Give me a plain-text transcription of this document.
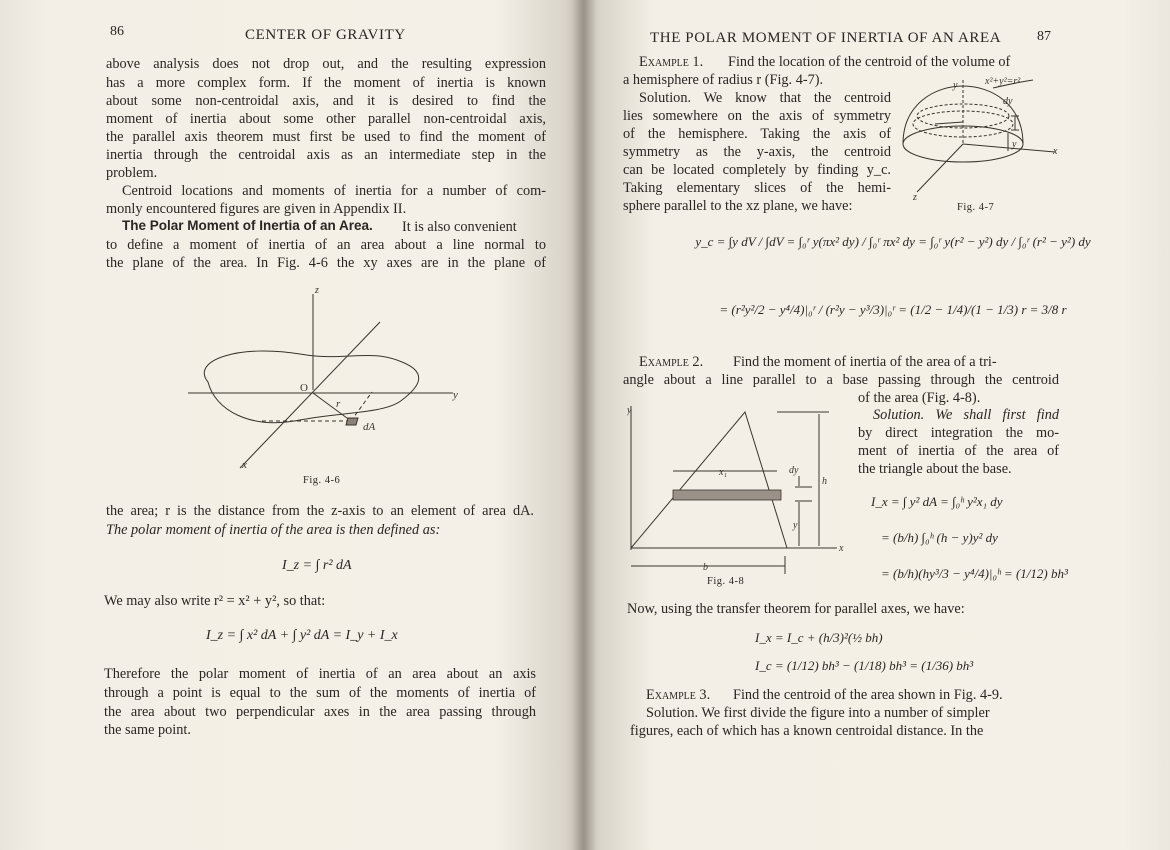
86	CENTER OF GRAVITY
above analysis does not drop out, and the resulting expression
has a more complex form. If the moment of inertia is known
about some non-centroidal axis, and it is desired to find the
moment of inertia about some other parallel non-centroidal axis,
the parallel axis theorem must first be used to find the moment of
inertia through the centroidal axis as an intermediate step in the
problem.
Centroid locations and moments of inertia for a number of com-
monly encountered figures are given in Appendix II.
The Polar Moment of Inertia of an Area. It is also convenient
to define a moment of inertia of an area about a line normal to
the plane of the area. In Fig. 4-6 the xy axes are in the plane of
z
y
x
O
r
dA
Fig. 4-6
the area; r is the distance from the z-axis to an element of area dA.
The polar moment of inertia of the area is then defined as:
I_z = ∫ r² dA
We may also write r² = x² + y², so that:
I_z = ∫ x² dA + ∫ y² dA = I_y + I_x
Therefore the polar moment of inertia of an area about an axis
through a point is equal to the sum of the moments of inertia of
the area about two perpendicular axes in the area passing through
the same point.
THE POLAR MOMENT OF INERTIA OF AN AREA	87
Example 1. Find the location of the centroid of the volume of
a hemisphere of radius r (Fig. 4-7).
Solution. We know that the centroid
lies somewhere on the axis of symmetry
of the hemisphere. Taking the axis of
symmetry as the y-axis, the centroid
can be located completely by finding y_c.
Taking elementary slices of the hemi-
sphere parallel to the xz plane, we have:
x²+y²=r²
dy
y
y
x
z
Fig. 4-7
y_c = ∫y dV / ∫dV = ∫₀ʳ y(πx² dy) / ∫₀ʳ πx² dy = ∫₀ʳ y(r² − y²) dy / ∫₀ʳ (r² − y²) dy
= (r²y²/2 − y⁴/4)|₀ʳ / (r²y − y³/3)|₀ʳ = (1/2 − 1/4)/(1 − 1/3) r = 3/8 r
Example 2. Find the moment of inertia of the area of a tri-
angle about a line parallel to a base passing through the centroid
of the area (Fig. 4-8).
Solution. We shall first find
by direct integration the mo-
ment of inertia of the area of
the triangle about the base.
y
x₁	dy
h
y
b
x
Fig. 4-8
I_x = ∫ y² dA = ∫₀ʰ y²x₁ dy
= (b/h) ∫₀ʰ (h − y)y² dy
= (b/h)(hy³/3 − y⁴/4)|₀ʰ = (1/12) bh³
Now, using the transfer theorem for parallel axes, we have:
I_x = I_c + (h/3)²(½ bh)
I_c = (1/12) bh³ − (1/18) bh³ = (1/36) bh³
Example 3. Find the centroid of the area shown in Fig. 4-9.
Solution. We first divide the figure into a number of simpler
figures, each of which has a known centroidal distance. In the
